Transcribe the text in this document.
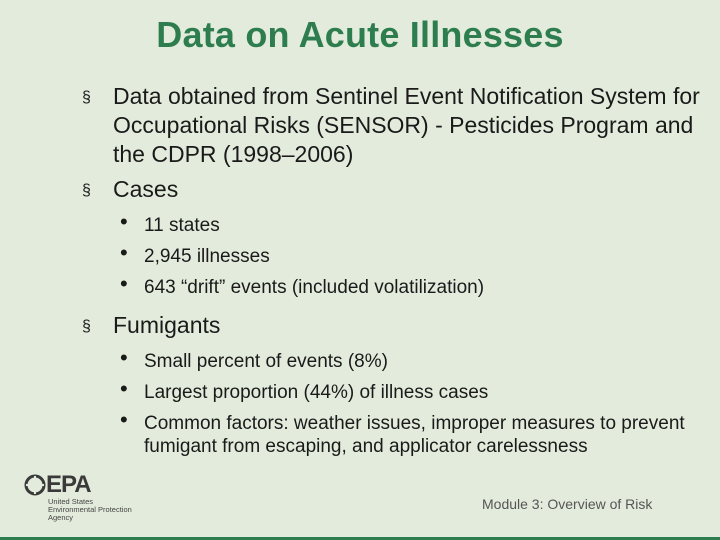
Data on Acute Illnesses
§ Data obtained from Sentinel Event Notification System for Occupational Risks (SENSOR) - Pesticides Program and the CDPR (1998–2006)
§ Cases
• 11 states
• 2,945 illnesses
• 643 “drift” events (included volatilization)
§ Fumigants
• Small percent of events (8%)
• Largest proportion (44%) of illness cases
• Common factors: weather issues, improper measures to prevent fumigant from escaping, and applicator carelessness
EPA
United States
Environmental Protection
Agency
Module 3: Overview of Risk
